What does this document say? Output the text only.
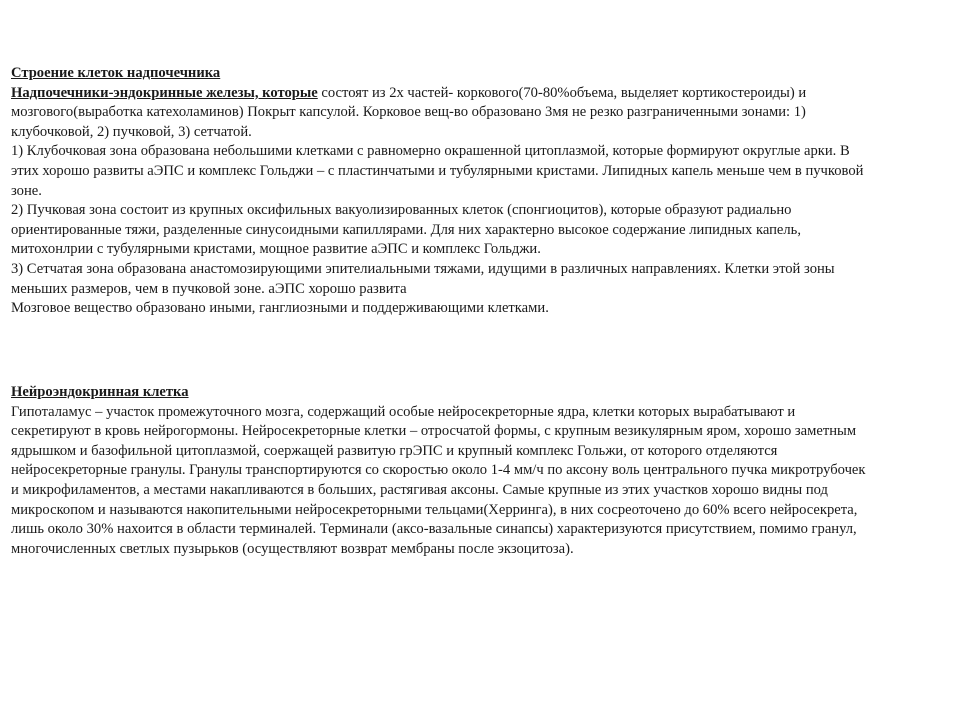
Строение клеток надпочечника
Надпочечники-эндокринные железы, которые состоят из 2х частей- коркового(70-80%объема, выделяет кортикостероиды) и
мозгового(выработка катехоламинов) Покрыт капсулой. Корковое вещ-во образовано 3мя не резко разграниченными зонами: 1)
клубочковой, 2) пучковой, 3) сетчатой.
1) Клубочковая зона образована небольшими клетками с равномерно окрашенной цитоплазмой, которые формируют округлые арки. В
этих хорошо развиты аЭПС и комплекс Гольджи – с пластинчатыми и тубулярными кристами. Липидных капель меньше чем в пучковой
зоне.
2) Пучковая зона состоит из крупных оксифильных вакуолизированных клеток (спонгиоцитов), которые образуют радиально
ориентированные тяжи, разделенные синусоидными капиллярами. Для них характерно высокое содержание липидных капель,
митохонлрии с тубулярными кристами, мощное развитие аЭПС и комплекс Гольджи.
3) Сетчатая зона образована анастомозирующими эпителиальными тяжами, идущими в различных направлениях. Клетки этой зоны
меньших размеров, чем в пучковой зоне. аЭПС хорошо развита
Мозговое вещество образовано иными, ганглиозными и поддерживающими клетками.
Нейроэндокринная клетка
Гипоталамус – участок промежуточного мозга, содержащий особые нейросекреторные ядра, клетки которых вырабатывают и
секретируют в кровь нейрогормоны. Нейросекреторные клетки – отросчатой формы, с крупным везикулярным яром, хорошо заметным
ядрышком и базофильной цитоплазмой, соержащей развитую грЭПС и крупный комплекс Гольжи, от которого отделяются
нейросекреторные гранулы. Гранулы транспортируются со скоростью около 1-4 мм/ч по аксону воль центрального пучка микротрубочек
и микрофиламентов, а местами накапливаются в больших, растягивая аксоны. Самые крупные из этих участков хорошо видны под
микроскопом и называются накопительными нейросекреторными тельцами(Херринга), в них сосреоточено до 60% всего нейросекрета,
лишь около 30% нахоится в области терминалей. Терминали (аксо-вазальные синапсы) характеризуются присутствием, помимо гранул,
многочисленных светлых пузырьков (осуществляют возврат мембраны после экзоцитоза).
